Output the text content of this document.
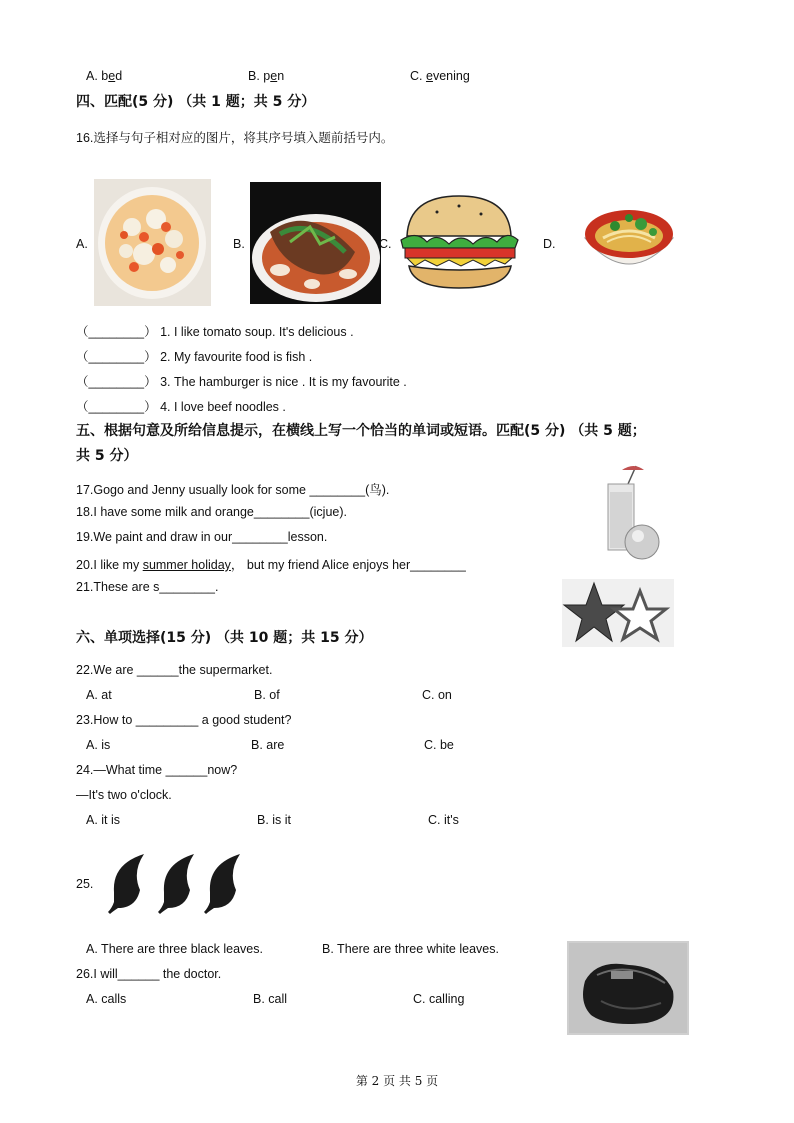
A. bed	B. pen	C. evening
四、匹配(5 分) （共 1 题；共 5 分）
16.选择与句子相对应的图片，将其序号填入题前括号内。
A.	B.	C.	D.
（________） 1. I like tomato soup. It's delicious .
（________） 2. My favourite food is fish .
（________） 3. The hamburger is nice . It is my favourite .
（________） 4. I love beef noodles .
五、根据句意及所给信息提示，在横线上写一个恰当的单词或短语。匹配(5 分) （共 5 题；
共 5 分）
17.Gogo and Jenny usually look for some ________(鸟).
18.I have some milk and orange________(icjue).
19.We paint and draw in our________lesson.
20.I like my summer holiday， but my friend Alice enjoys her________
21.These are s________.
六、单项选择(15 分) （共 10 题；共 15 分）
22.We are ______the supermarket.
A. at	B. of	C. on
23.How to _________ a good student?
A. is	B. are	C. be
24.—What time ______now?
—It's two o'clock.
A. it is	B. is it	C. it's
25.
A. There are three black leaves.	B. There are three white leaves.
26.I will______ the doctor.
A. calls	B. call	C. calling
第 2 页 共 5 页
